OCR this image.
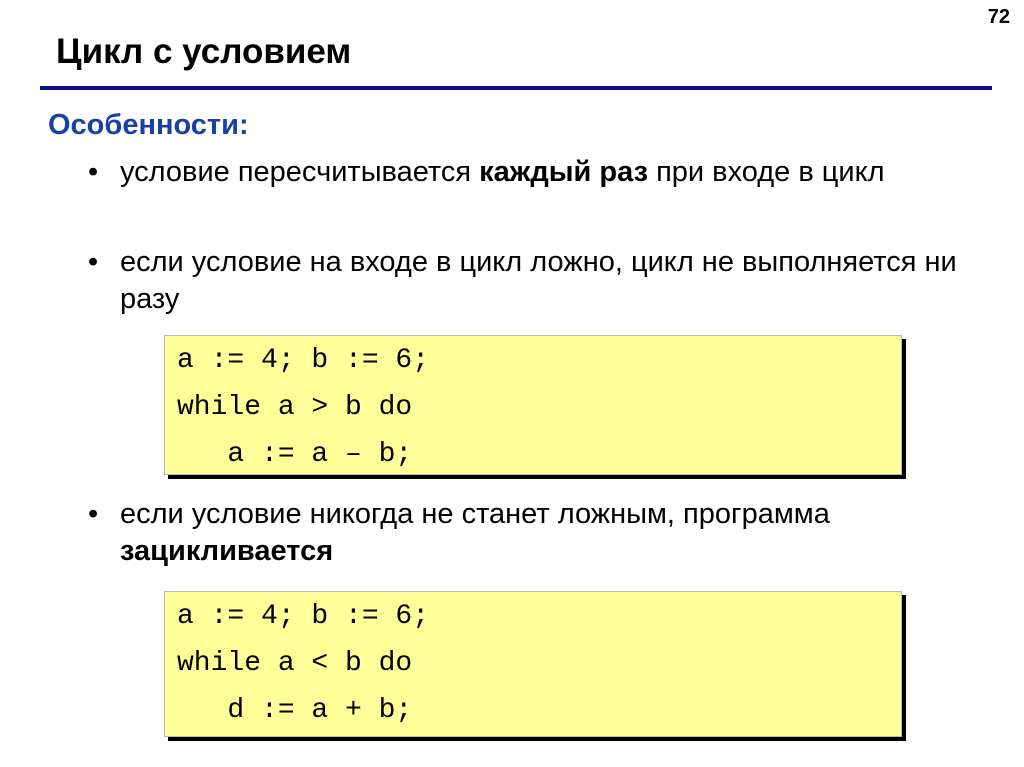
72
Цикл с условием
Особенности:
• условие пересчитывается каждый раз при входе в цикл
• если условие на входе в цикл ложно, цикл не выполняется ни разу
a := 4; b := 6;
while a > b do
a := a – b;
• если условие никогда не станет ложным, программа зацикливается
a := 4; b := 6;
while a < b do
d := a + b;
